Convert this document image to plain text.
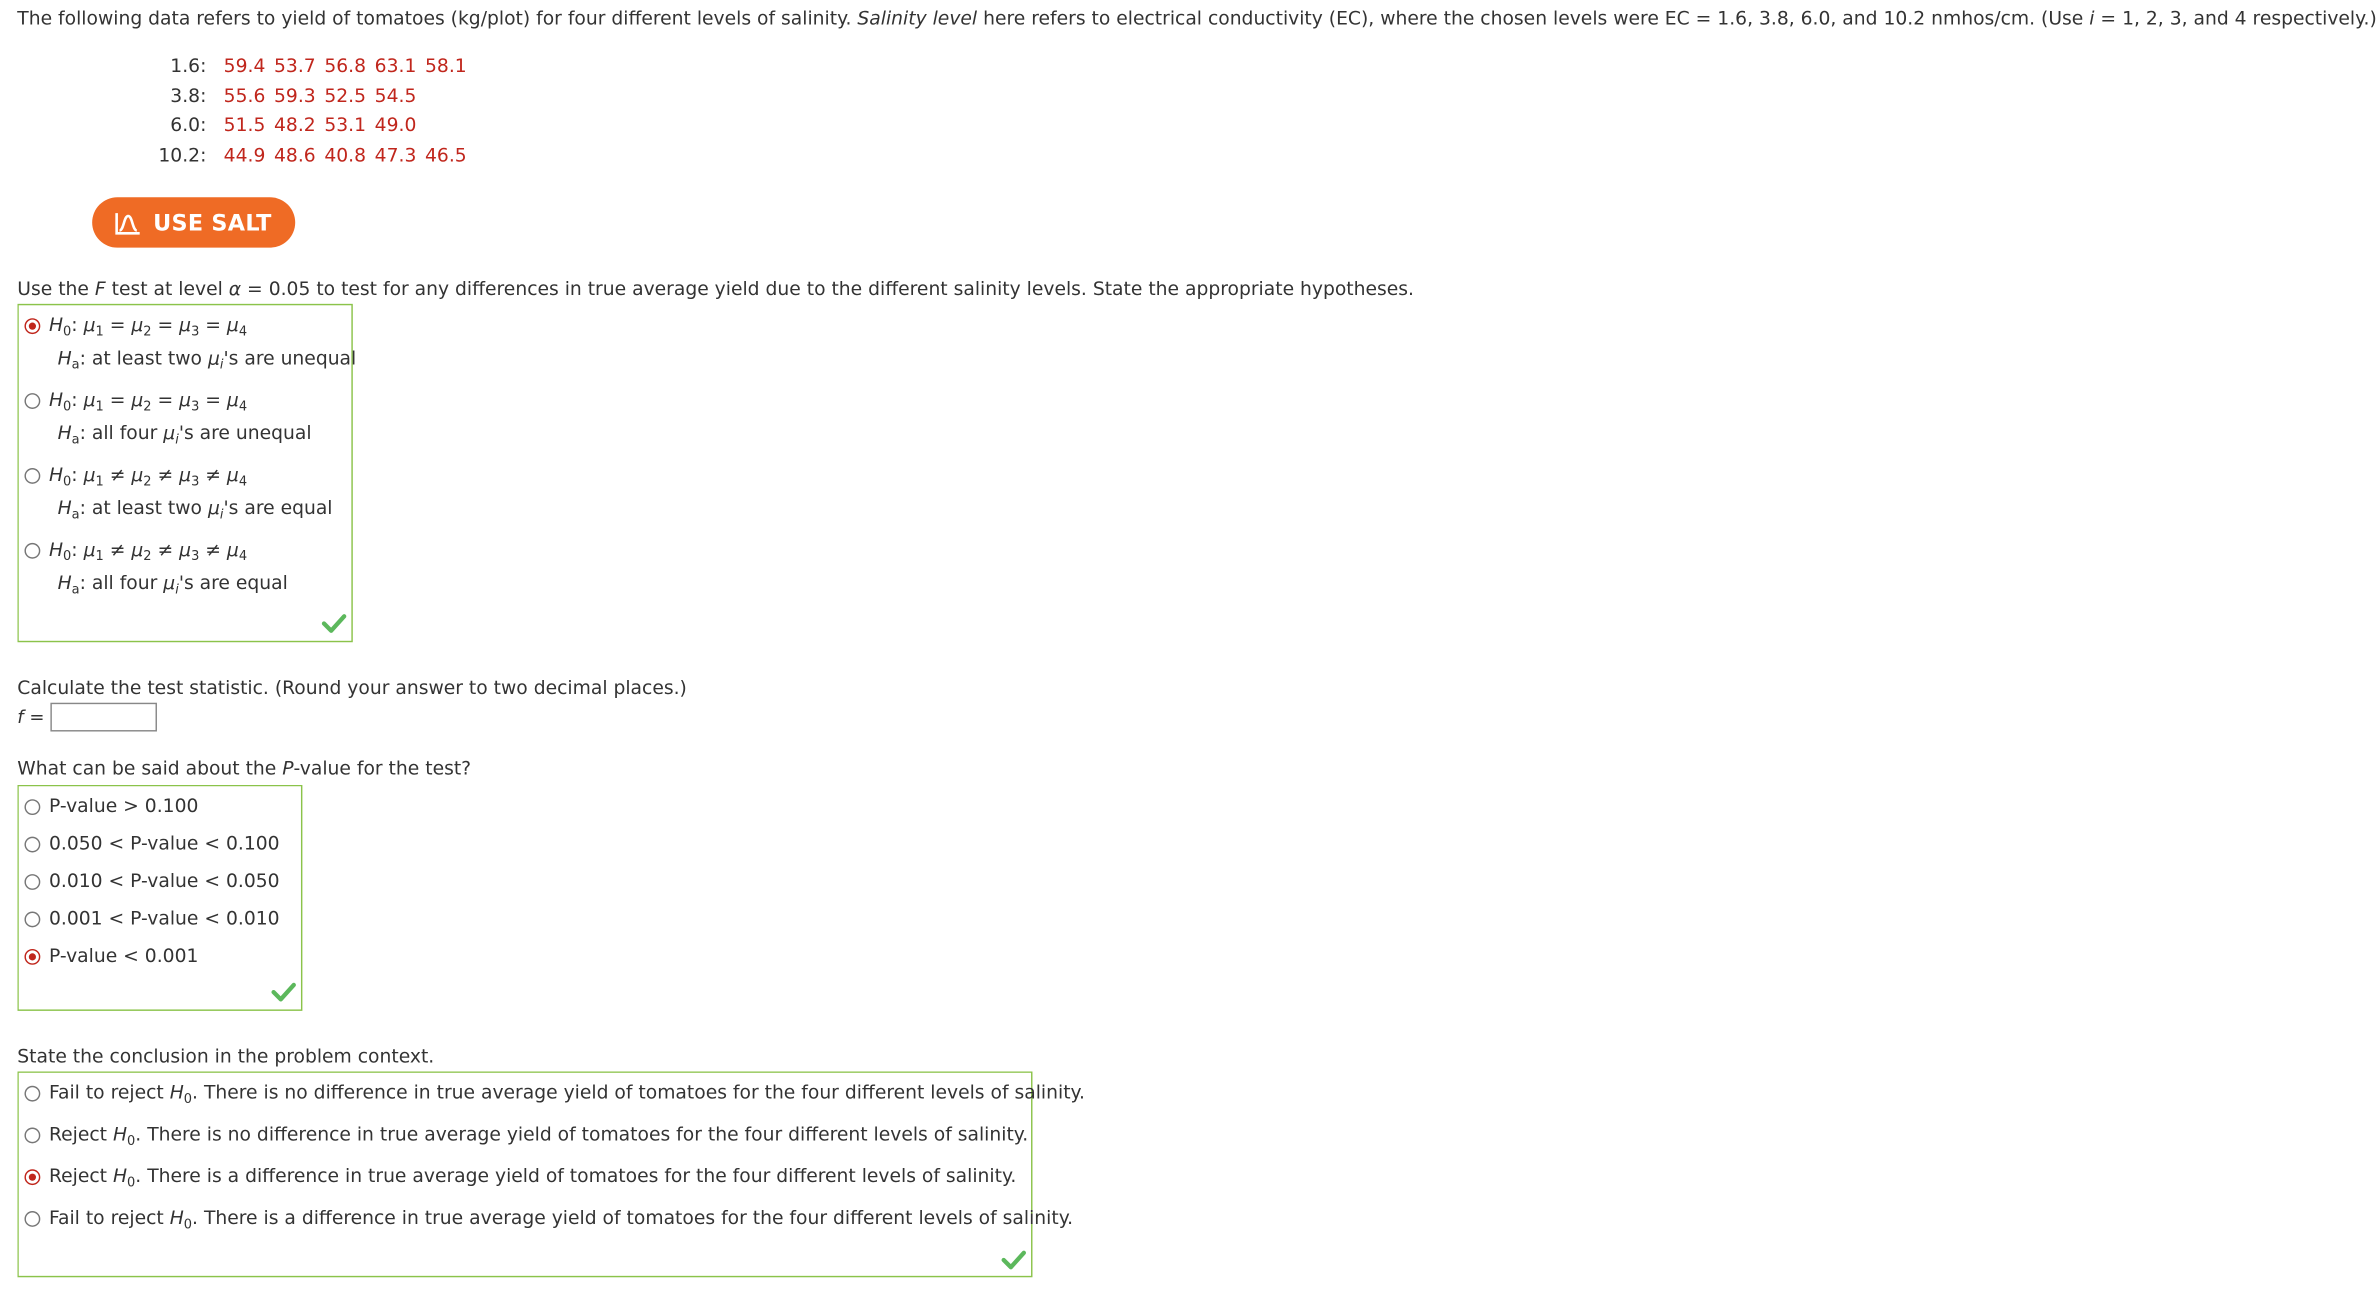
The following data refers to yield of tomatoes (kg/plot) for four different levels of salinity. Salinity level here refers to electrical conductivity (EC), where the chosen levels were EC = 1.6, 3.8, 6.0, and 10.2 nmhos/cm. (Use i = 1, 2, 3, and 4 respectively.)
1.6:	59.4	53.7	56.8	63.1	58.1
3.8:	55.6	59.3	52.5	54.5	
6.0:	51.5	48.2	53.1	49.0	
10.2:	44.9	48.6	40.8	47.3	46.5
USE SALT
Use the F test at level α = 0.05 to test for any differences in true average yield due to the different salinity levels. State the appropriate hypotheses.
$H_0$: $\mu_1 = \mu_2 = \mu_3 = \mu_4$
$H_a$: at least two $\mu_i's$ are unequal
$H_0$: $\mu_1 = \mu_2 = \mu_3 = \mu_4$
$H_a$: all four $\mu_i's$ are unequal
$H_0$: $\mu_1 \ne \mu_2 \ne \mu_3 \ne \mu_4$
$H_a$: at least two $\mu_i's$ are equal
$H_0$: $\mu_1 \ne \mu_2 \ne \mu_3 \ne \mu_4$
$H_a$: all four $\mu_i's$ are equal
Calculate the test statistic. (Round your answer to two decimal places.)
f =
What can be said about the P-value for the test?
P-value > 0.100
0.050 < P-value < 0.100
0.010 < P-value < 0.050
0.001 < P-value < 0.010
P-value < 0.001
State the conclusion in the problem context.
Fail to reject $H_0$. There is no difference in true average yield of tomatoes for the four different levels of salinity.
Reject $H_0$. There is no difference in true average yield of tomatoes for the four different levels of salinity.
Reject $H_0$. There is a difference in true average yield of tomatoes for the four different levels of salinity.
Fail to reject $H_0$. There is a difference in true average yield of tomatoes for the four different levels of salinity.
